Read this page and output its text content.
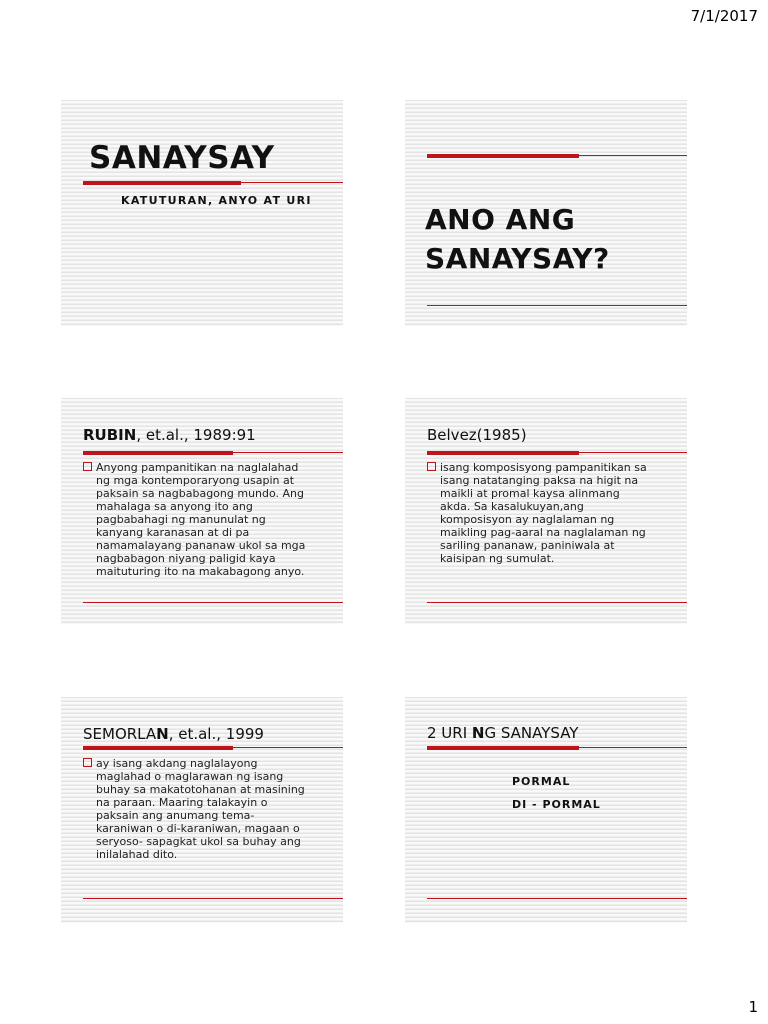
7/1/2017
SANAYSAY
KATUTURAN, ANYO AT URI
ANO ANG
SANAYSAY?
RUBIN, et.al., 1989:91
Anyong pampanitikan na naglalahad
ng mga kontemporaryong usapin at
paksain sa nagbabagong mundo. Ang
mahalaga sa anyong ito ang
pagbabahagi ng manunulat ng
kanyang karanasan at di pa
namamalayang pananaw ukol sa mga
nagbabagon niyang paligid kaya
maituturing ito na makabagong anyo.
Belvez(1985)
isang komposisyong pampanitikan sa
isang natatanging paksa na higit na
maikli at promal kaysa alinmang
akda. Sa kasalukuyan,ang
komposisyon ay naglalaman ng
maikling pag-aaral na naglalaman ng
sariling pananaw, paniniwala at
kaisipan ng sumulat.
SEMORLAN, et.al., 1999
ay isang akdang naglalayong
maglahad o maglarawan ng isang
buhay sa makatotohanan at masining
na paraan. Maaring talakayin o
paksain ang anumang tema-
karaniwan o di-karaniwan, magaan o
seryoso- sapagkat ukol sa buhay ang
inilalahad dito.
2 URI NG SANAYSAY
PORMAL
DI - PORMAL
1
